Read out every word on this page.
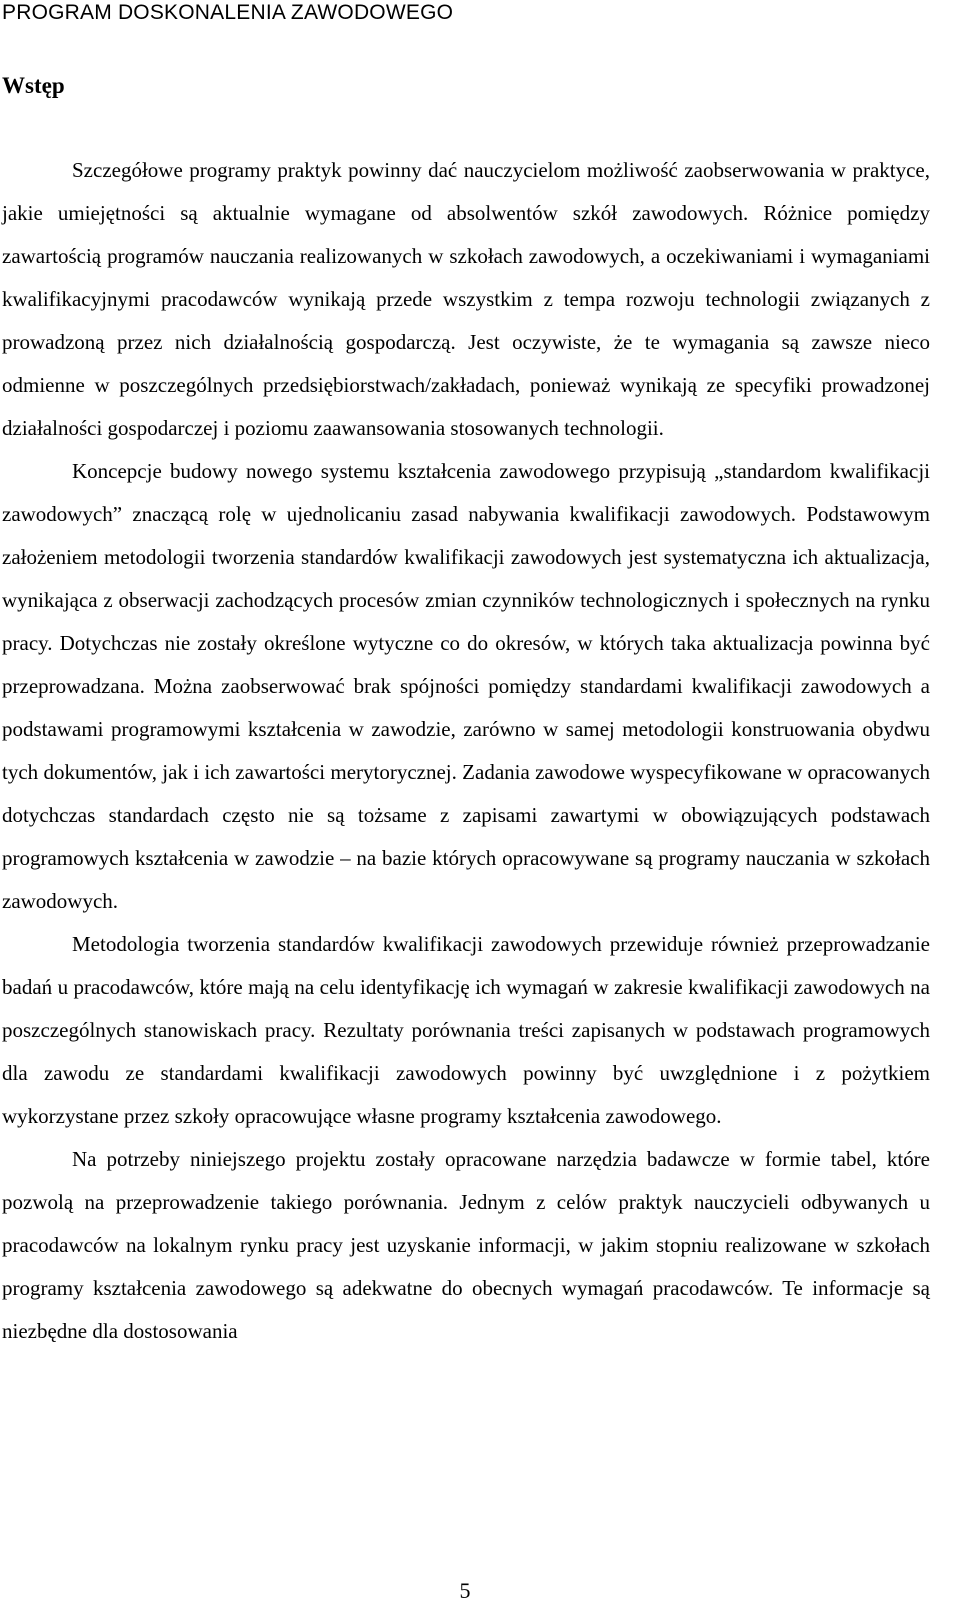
PROGRAM DOSKONALENIA ZAWODOWEGO
Wstęp

Szczegółowe programy praktyk powinny dać nauczycielom możliwość zaobserwowania w praktyce, jakie umiejętności są aktualnie wymagane od absolwentów szkół zawodowych. Różnice pomiędzy zawartością programów nauczania realizowanych w szkołach zawodowych, a oczekiwaniami i wymaganiami kwalifikacyjnymi pracodawców wynikają przede wszystkim z tempa rozwoju technologii związanych z prowadzoną przez nich działalnością gospodarczą. Jest oczywiste, że te wymagania są zawsze nieco odmienne w poszczególnych przedsiębiorstwach/zakładach, ponieważ wynikają ze specyfiki prowadzonej działalności gospodarczej i poziomu zaawansowania stosowanych technologii.

Koncepcje budowy nowego systemu kształcenia zawodowego przypisują „standardom kwalifikacji zawodowych” znaczącą rolę w ujednolicaniu zasad nabywania kwalifikacji zawodowych. Podstawowym założeniem metodologii tworzenia standardów kwalifikacji zawodowych jest systematyczna ich aktualizacja, wynikająca z obserwacji zachodzących procesów zmian czynników technologicznych i społecznych na rynku pracy. Dotychczas nie zostały określone wytyczne co do okresów, w których taka aktualizacja powinna być przeprowadzana. Można zaobserwować brak spójności pomiędzy standardami kwalifikacji zawodowych a podstawami programowymi kształcenia w zawodzie, zarówno w samej metodologii konstruowania obydwu tych dokumentów, jak i ich zawartości merytorycznej. Zadania zawodowe wyspecyfikowane w opracowanych dotychczas standardach często nie są tożsame z zapisami zawartymi w obowiązujących podstawach programowych kształcenia w zawodzie – na bazie których opracowywane są programy nauczania w szkołach zawodowych.

Metodologia tworzenia standardów kwalifikacji zawodowych przewiduje również przeprowadzanie badań u pracodawców, które mają na celu identyfikację ich wymagań w zakresie kwalifikacji zawodowych na poszczególnych stanowiskach pracy. Rezultaty porównania treści zapisanych w podstawach programowych dla zawodu ze standardami kwalifikacji zawodowych powinny być uwzględnione i z pożytkiem wykorzystane przez szkoły opracowujące własne programy kształcenia zawodowego.

Na potrzeby niniejszego projektu zostały opracowane narzędzia badawcze w formie tabel, które pozwolą na przeprowadzenie takiego porównania. Jednym z celów praktyk nauczycieli odbywanych u pracodawców na lokalnym rynku pracy jest uzyskanie informacji, w jakim stopniu realizowane w szkołach programy kształcenia zawodowego są adekwatne do obecnych wymagań pracodawców. Te informacje są niezbędne dla dostosowania

5
